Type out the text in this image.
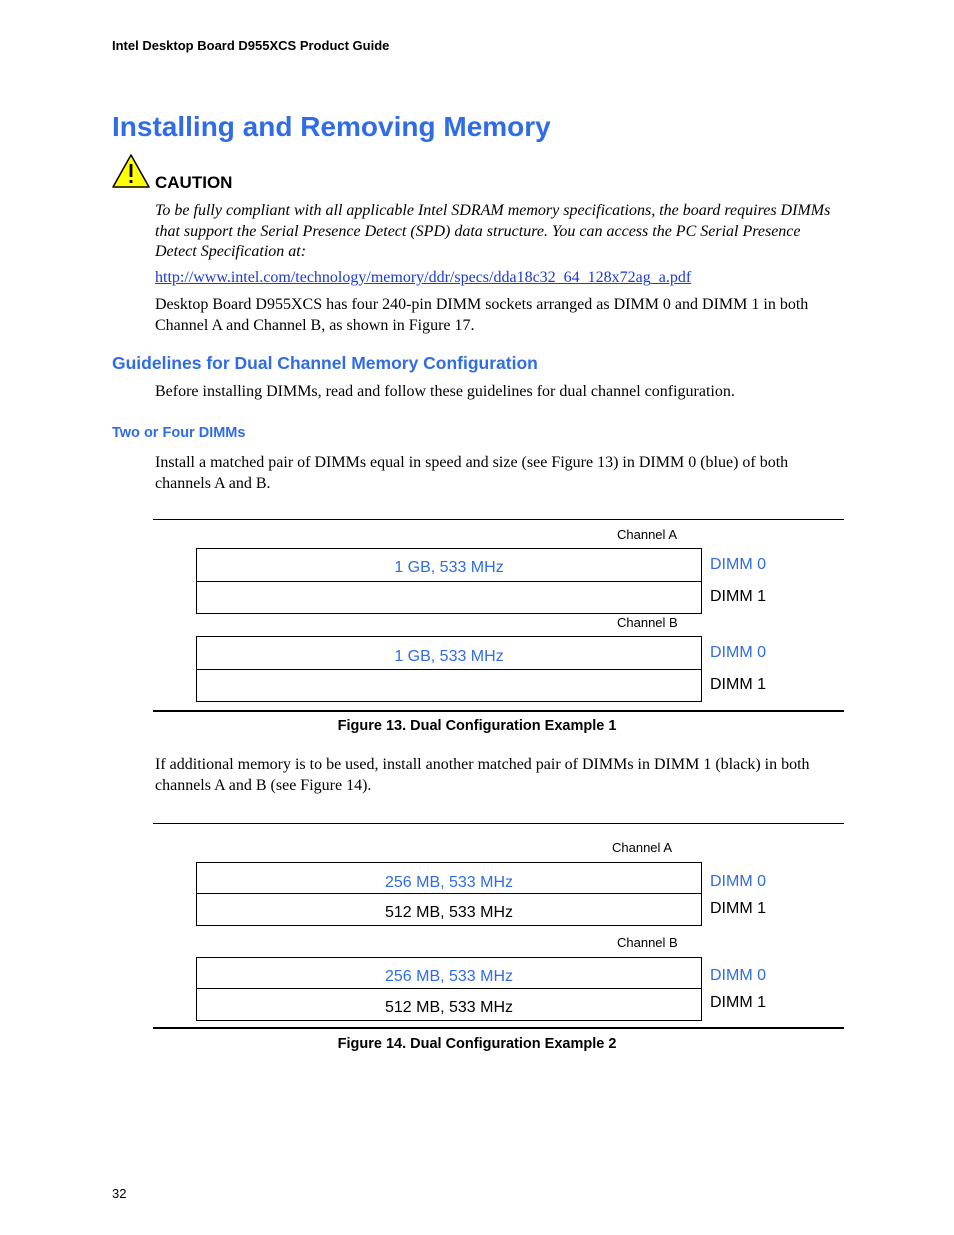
Intel Desktop Board D955XCS Product Guide
Installing and Removing Memory
CAUTION
To be fully compliant with all applicable Intel SDRAM memory specifications, the board requires DIMMs that support the Serial Presence Detect (SPD) data structure. You can access the PC Serial Presence Detect Specification at:
http://www.intel.com/technology/memory/ddr/specs/dda18c32_64_128x72ag_a.pdf
Desktop Board D955XCS has four 240-pin DIMM sockets arranged as DIMM 0 and DIMM 1 in both Channel A and Channel B, as shown in Figure 17.
Guidelines for Dual Channel Memory Configuration
Before installing DIMMs, read and follow these guidelines for dual channel configuration.
Two or Four DIMMs
Install a matched pair of DIMMs equal in speed and size (see Figure 13) in DIMM 0 (blue) of both channels A and B.
Channel A
1 GB, 533 MHz	DIMM 0
DIMM 1
Channel B
1 GB, 533 MHz	DIMM 0
DIMM 1
Figure 13. Dual Configuration Example 1
If additional memory is to be used, install another matched pair of DIMMs in DIMM 1 (black) in both channels A and B (see Figure 14).
Channel A
256 MB, 533 MHz
512 MB, 533 MHz
DIMM 0
DIMM 1
Channel B
256 MB, 533 MHz
512 MB, 533 MHz
DIMM 0
DIMM 1
Figure 14. Dual Configuration Example 2
32
